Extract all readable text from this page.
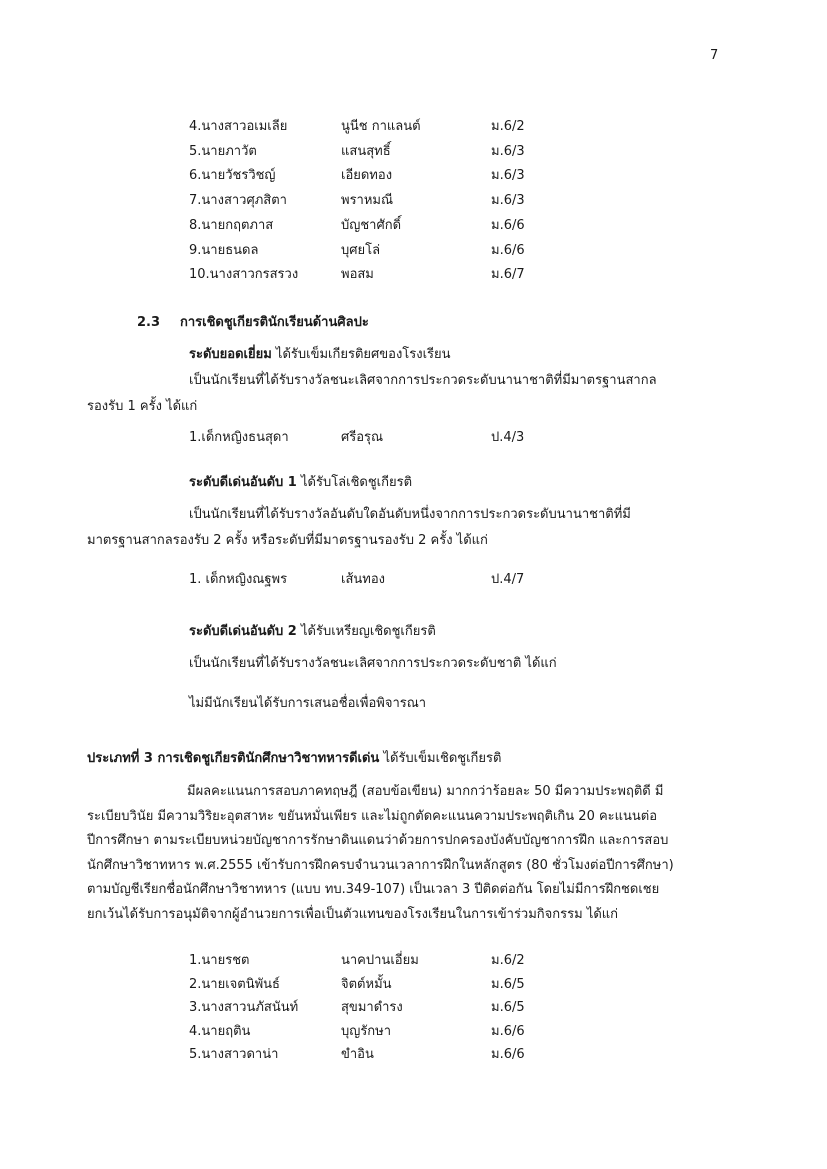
7
4.นางสาวอเมเลีย	นูนีช กาแลนต์	ม.6/2
5.นายภาวัต	แสนสุทธิ์	ม.6/3
6.นายวัชรวิชญ์	เอียดทอง	ม.6/3
7.นางสาวศุภสิตา	พราหมณี	ม.6/3
8.นายกฤตภาส	บัญชาศักดิ์	ม.6/6
9.นายธนดล	บุศยโล่	ม.6/6
10.นางสาวกรสรวง	พอสม	ม.6/7
2.3 การเชิดชูเกียรตินักเรียนด้านศิลปะ
ระดับยอดเยี่ยม ได้รับเข็มเกียรติยศของโรงเรียน
เป็นนักเรียนที่ได้รับรางวัลชนะเลิศจากการประกวดระดับนานาชาติที่มีมาตรฐานสากล
รองรับ 1 ครั้ง ได้แก่
1.เด็กหญิงธนสุดา	ศรีอรุณ	ป.4/3
ระดับดีเด่นอันดับ 1 ได้รับโล่เชิดชูเกียรติ
เป็นนักเรียนที่ได้รับรางวัลอันดับใดอันดับหนึ่งจากการประกวดระดับนานาชาติที่มี
มาตรฐานสากลรองรับ 2 ครั้ง หรือระดับที่มีมาตรฐานรองรับ 2 ครั้ง ได้แก่
1. เด็กหญิงณฐพร	เส้นทอง	ป.4/7
ระดับดีเด่นอันดับ 2 ได้รับเหรียญเชิดชูเกียรติ
เป็นนักเรียนที่ได้รับรางวัลชนะเลิศจากการประกวดระดับชาติ ได้แก่
ไม่มีนักเรียนได้รับการเสนอชื่อเพื่อพิจารณา
ประเภทที่ 3 การเชิดชูเกียรตินักศึกษาวิชาทหารดีเด่น ได้รับเข็มเชิดชูเกียรติ
มีผลคะแนนการสอบภาคทฤษฎี (สอบข้อเขียน) มากกว่าร้อยละ 50 มีความประพฤติดี มี
ระเบียบวินัย มีความวิริยะอุตสาหะ ขยันหมั่นเพียร และไม่ถูกตัดคะแนนความประพฤติเกิน 20 คะแนนต่อ
ปีการศึกษา ตามระเบียบหน่วยบัญชาการรักษาดินแดนว่าด้วยการปกครองบังคับบัญชาการฝึก และการสอบ
นักศึกษาวิชาทหาร พ.ศ.2555 เข้ารับการฝึกครบจำนวนเวลาการฝึกในหลักสูตร (80 ชั่วโมงต่อปีการศึกษา)
ตามบัญชีเรียกชื่อนักศึกษาวิชาทหาร (แบบ ทบ.349-107) เป็นเวลา 3 ปีติดต่อกัน โดยไม่มีการฝึกชดเชย
ยกเว้นได้รับการอนุมัติจากผู้อำนวยการเพื่อเป็นตัวแทนของโรงเรียนในการเข้าร่วมกิจกรรม ได้แก่
1.นายรชต	นาคปานเอี่ยม	ม.6/2
2.นายเจตนิพันธ์	จิตต์หมั้น	ม.6/5
3.นางสาวนภัสนันท์	สุขมาดำรง	ม.6/5
4.นายฤติน	บุญรักษา	ม.6/6
5.นางสาวดาน่า	ขำอิน	ม.6/6
